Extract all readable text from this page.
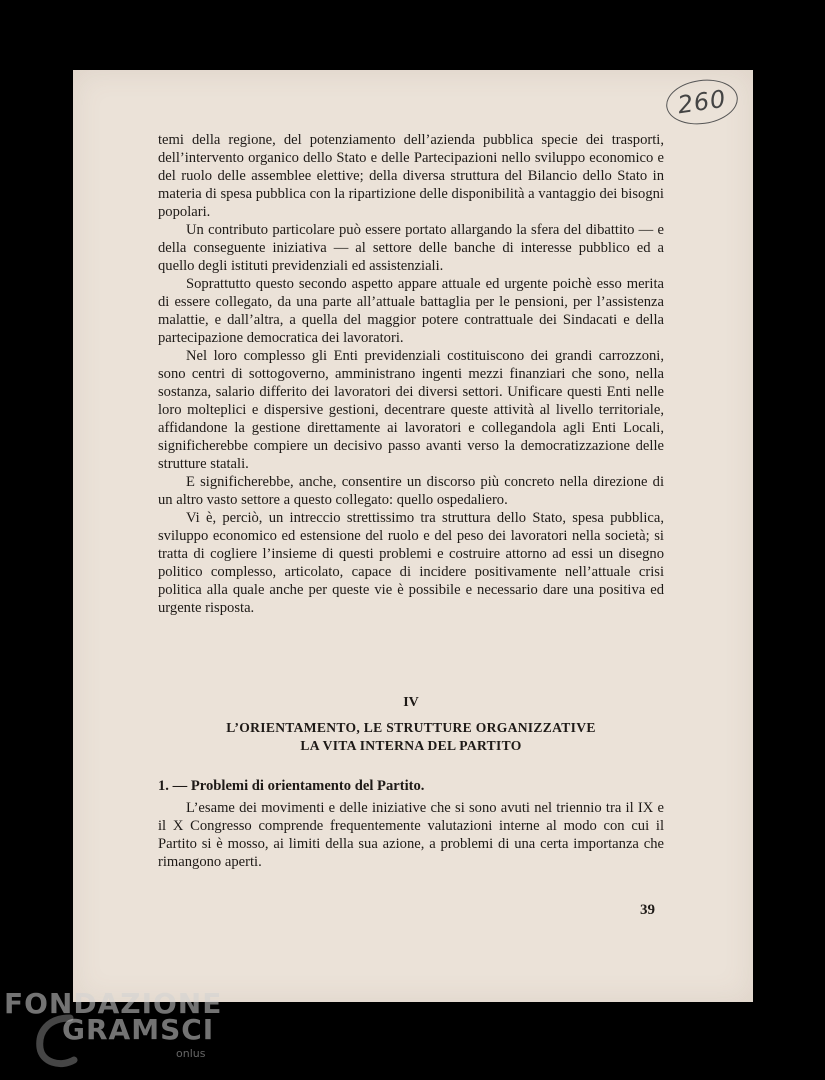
260

temi della regione, del potenziamento dell’azienda pubblica specie dei trasporti, dell’intervento organico dello Stato e delle Partecipazioni nello sviluppo economico e del ruolo delle assemblee elettive; della diversa struttura del Bilancio dello Stato in materia di spesa pubblica con la ripartizione delle disponibilità a vantaggio dei bisogni popolari.

Un contributo particolare può essere portato allargando la sfera del dibattito — e della conseguente iniziativa — al settore delle banche di interesse pubblico ed a quello degli istituti previdenziali ed assistenziali.

Soprattutto questo secondo aspetto appare attuale ed urgente poichè esso merita di essere collegato, da una parte all’attuale battaglia per le pensioni, per l’assistenza malattie, e dall’altra, a quella del maggior potere contrattuale dei Sindacati e della partecipazione democratica dei lavoratori.

Nel loro complesso gli Enti previdenziali costituiscono dei grandi carrozzoni, sono centri di sottogoverno, amministrano ingenti mezzi finanziari che sono, nella sostanza, salario differito dei lavoratori dei diversi settori. Unificare questi Enti nelle loro molteplici e dispersive gestioni, decentrare queste attività al livello territoriale, affidandone la gestione direttamente ai lavoratori e collegandola agli Enti Locali, significherebbe compiere un decisivo passo avanti verso la democratizzazione delle strutture statali.

E significherebbe, anche, consentire un discorso più concreto nella direzione di un altro vasto settore a questo collegato: quello ospedaliero.

Vi è, perciò, un intreccio strettissimo tra struttura dello Stato, spesa pubblica, sviluppo economico ed estensione del ruolo e del peso dei lavoratori nella società; si tratta di cogliere l’insieme di questi problemi e costruire attorno ad essi un disegno politico complesso, articolato, capace di incidere positivamente nell’attuale crisi politica alla quale anche per queste vie è possibile e necessario dare una positiva ed urgente risposta.

IV
L’ORIENTAMENTO, LE STRUTTURE ORGANIZZATIVE
LA VITA INTERNA DEL PARTITO
1. — Problemi di orientamento del Partito.

L’esame dei movimenti e delle iniziative che si sono avuti nel triennio tra il IX e il X Congresso comprende frequentemente valutazioni interne al modo con cui il Partito si è mosso, ai limiti della sua azione, a problemi di una certa importanza che rimangono aperti.

39
FONDAZIONE
GRAMSCI
onlus
